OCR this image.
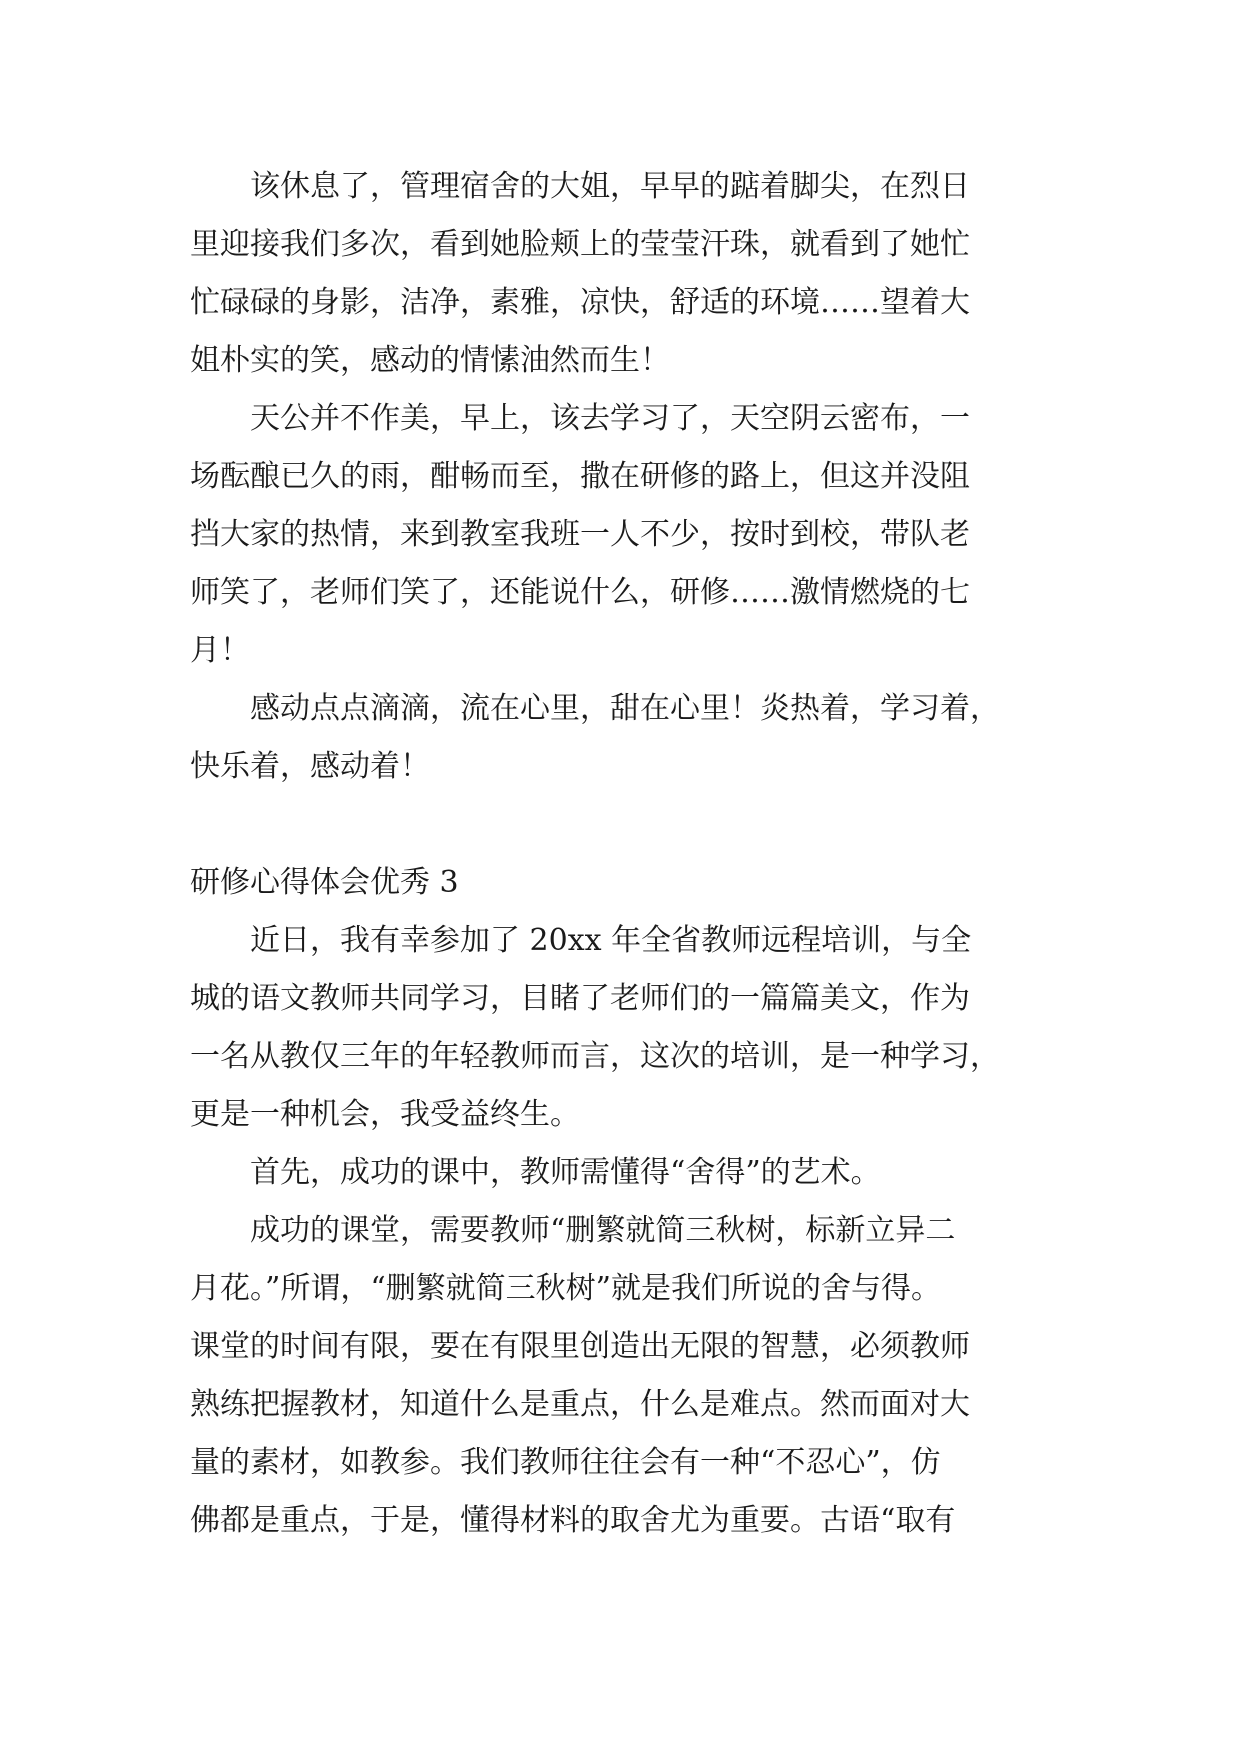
　　该休息了，管理宿舍的大姐，早早的踮着脚尖，在烈日
里迎接我们多次，看到她脸颊上的莹莹汗珠，就看到了她忙
忙碌碌的身影，洁净，素雅，凉快，舒适的环境……望着大
姐朴实的笑，感动的情愫油然而生！

　　天公并不作美，早上，该去学习了，天空阴云密布，一
场酝酿已久的雨，酣畅而至，撒在研修的路上，但这并没阻
挡大家的热情，来到教室我班一人不少，按时到校，带队老
师笑了，老师们笑了，还能说什么，研修……激情燃烧的七
月！

　　感动点点滴滴，流在心里，甜在心里！炎热着，学习着，
快乐着，感动着！

研修心得体会优秀 3

　　近日，我有幸参加了 20xx 年全省教师远程培训，与全
城的语文教师共同学习，目睹了老师们的一篇篇美文，作为
一名从教仅三年的年轻教师而言，这次的培训，是一种学习，
更是一种机会，我受益终生。

　　首先，成功的课中，教师需懂得“舍得”的艺术。

　　成功的课堂，需要教师“删繁就简三秋树，标新立异二
月花。”所谓，“删繁就简三秋树”就是我们所说的舍与得。
课堂的时间有限，要在有限里创造出无限的智慧，必须教师
熟练把握教材，知道什么是重点，什么是难点。然而面对大
量的素材，如教参。我们教师往往会有一种“不忍心”，仿
佛都是重点，于是，懂得材料的取舍尤为重要。古语“取有
